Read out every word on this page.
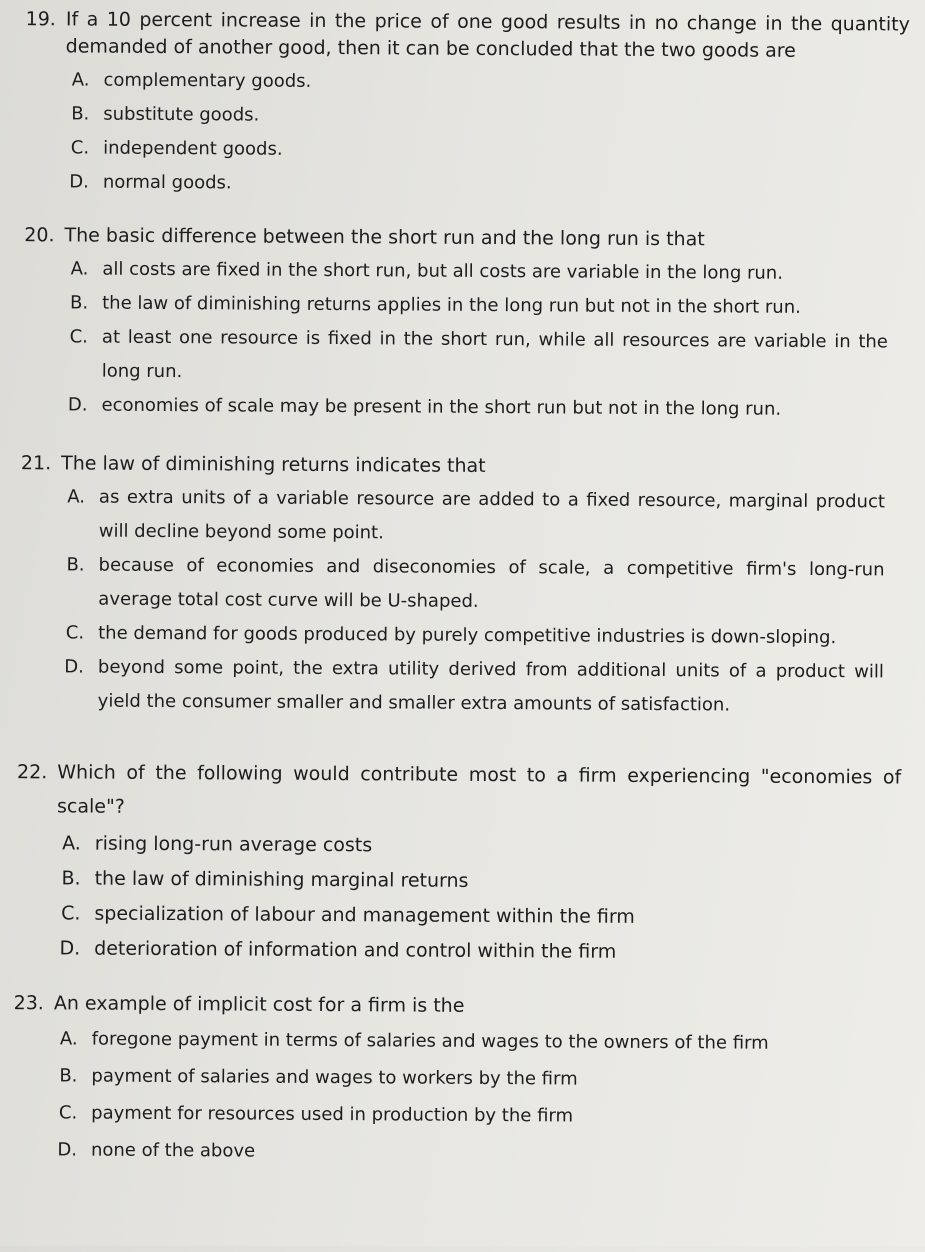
19. If a 10 percent increase in the price of one good results in no change in the quantity demanded of another good, then it can be concluded that the two goods are
A. complementary goods.
B. substitute goods.
C. independent goods.
D. normal goods.
20. The basic difference between the short run and the long run is that
A. all costs are fixed in the short run, but all costs are variable in the long run.
B. the law of diminishing returns applies in the long run but not in the short run.
C. at least one resource is fixed in the short run, while all resources are variable in the long run.
D. economies of scale may be present in the short run but not in the long run.
21. The law of diminishing returns indicates that
A. as extra units of a variable resource are added to a fixed resource, marginal product will decline beyond some point.
B. because of economies and diseconomies of scale, a competitive firm's long-run average total cost curve will be U-shaped.
C. the demand for goods produced by purely competitive industries is down-sloping.
D. beyond some point, the extra utility derived from additional units of a product will yield the consumer smaller and smaller extra amounts of satisfaction.
22. Which of the following would contribute most to a firm experiencing "economies of scale"?
A. rising long-run average costs
B. the law of diminishing marginal returns
C. specialization of labour and management within the firm
D. deterioration of information and control within the firm
23. An example of implicit cost for a firm is the
A. foregone payment in terms of salaries and wages to the owners of the firm
B. payment of salaries and wages to workers by the firm
C. payment for resources used in production by the firm
D. none of the above
